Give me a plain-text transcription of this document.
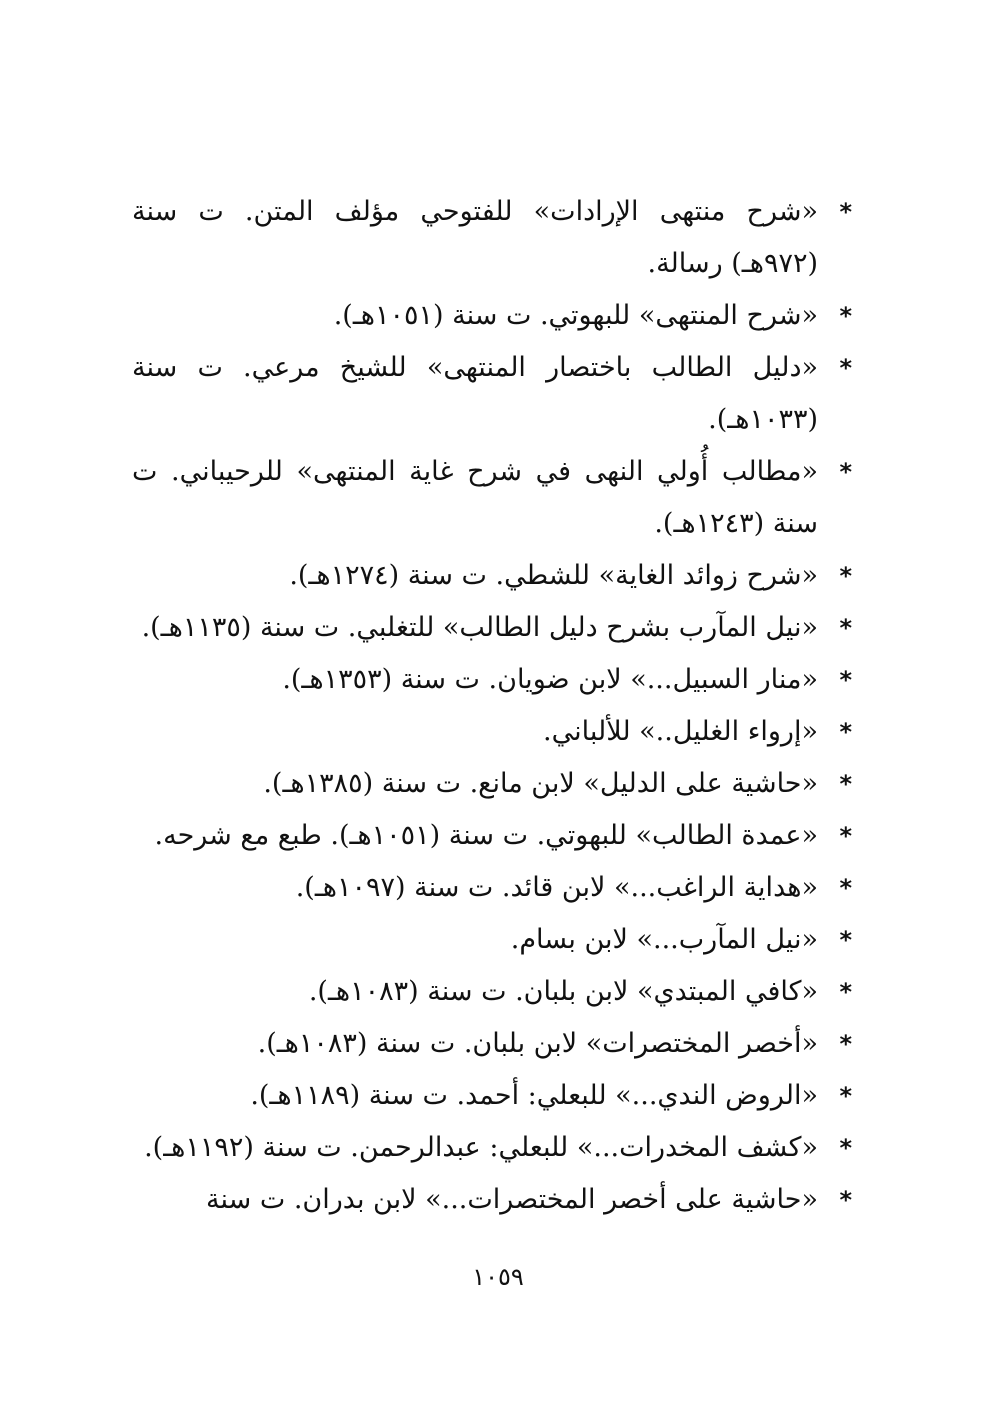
*
«شرح منتهى الإرادات» للفتوحي مؤلف المتن. ت سنة (٩٧٢هـ) رسالة.
*
«شرح المنتهى» للبهوتي. ت سنة (١٠٥١هـ).
*
«دليل الطالب باختصار المنتهى» للشيخ مرعي. ت سنة (١٠٣٣هـ).
*
«مطالب أُولي النهى في شرح غاية المنتهى» للرحيباني. ت سنة (١٢٤٣هـ).
*
«شرح زوائد الغاية» للشطي. ت سنة (١٢٧٤هـ).
*
«نيل المآرب بشرح دليل الطالب» للتغلبي. ت سنة (١١٣٥هـ).
*
«منار السبيل...» لابن ضويان. ت سنة (١٣٥٣هـ).
*
«إرواء الغليل..» للألباني.
*
«حاشية على الدليل» لابن مانع. ت سنة (١٣٨٥هـ).
*
«عمدة الطالب» للبهوتي. ت سنة (١٠٥١هـ). طبع مع شرحه.
*
«هداية الراغب...» لابن قائد. ت سنة (١٠٩٧هـ).
*
«نيل المآرب...» لابن بسام.
*
«كافي المبتدي» لابن بلبان. ت سنة (١٠٨٣هـ).
*
«أخصر المختصرات» لابن بلبان. ت سنة (١٠٨٣هـ).
*
«الروض الندي...» للبعلي: أحمد. ت سنة (١١٨٩هـ).
*
«كشف المخدرات...» للبعلي: عبدالرحمن. ت سنة (١١٩٢هـ).
*
«حاشية على أخصر المختصرات...» لابن بدران. ت سنة
١٠٥٩
